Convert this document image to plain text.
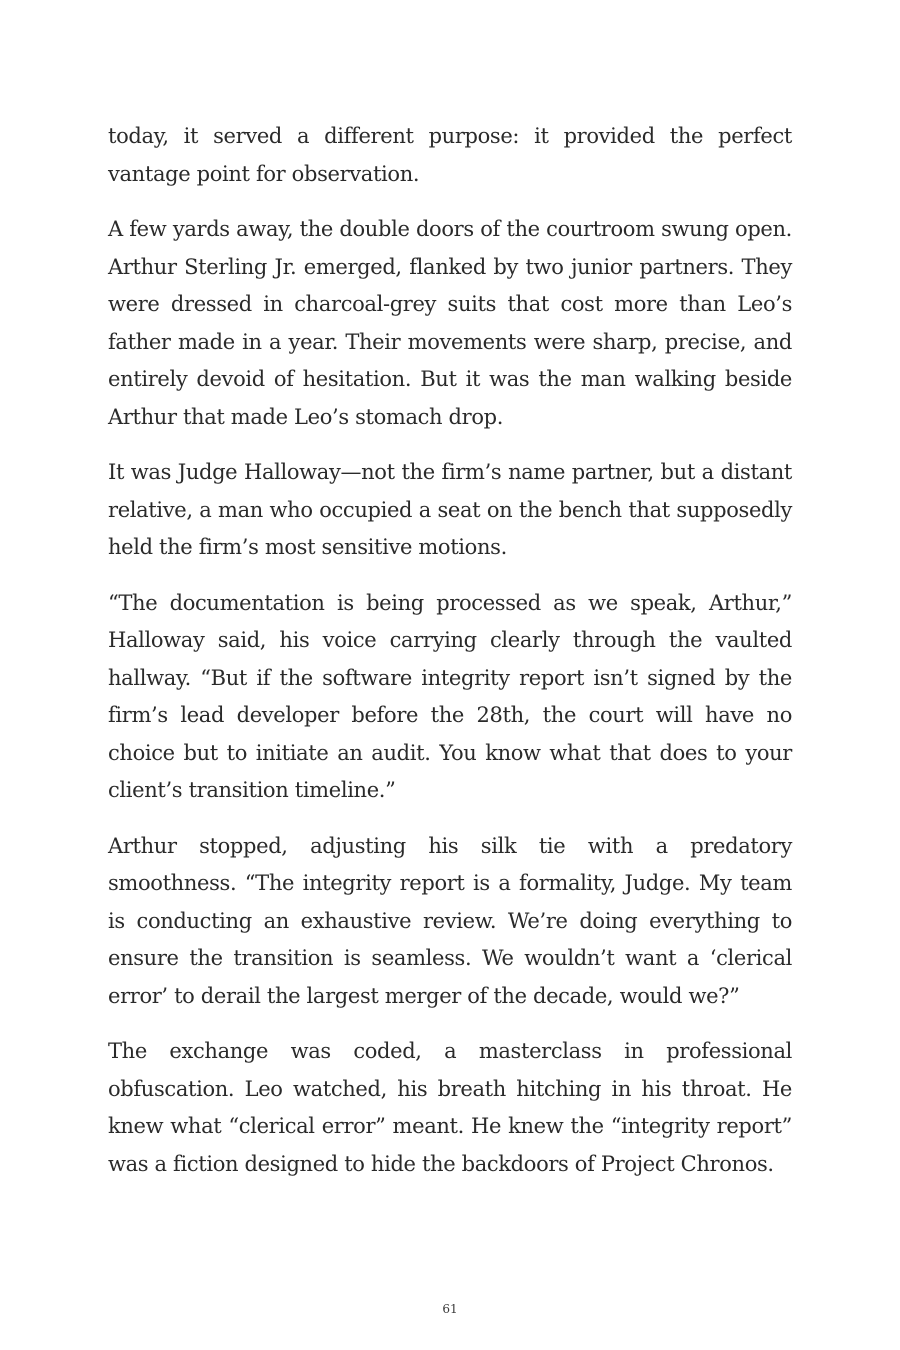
today, it served a different purpose: it provided the perfect vantage point for observation.

A few yards away, the double doors of the courtroom swung open. Arthur Sterling Jr. emerged, flanked by two junior partners. They were dressed in charcoal-grey suits that cost more than Leo’s father made in a year. Their movements were sharp, precise, and entirely devoid of hesitation. But it was the man walking beside Arthur that made Leo’s stomach drop.

It was Judge Halloway—not the firm’s name partner, but a distant relative, a man who occupied a seat on the bench that supposedly held the firm’s most sensitive motions.

“The documentation is being processed as we speak, Arthur,” Halloway said, his voice carrying clearly through the vaulted hallway. “But if the software integrity report isn’t signed by the firm’s lead developer before the 28th, the court will have no choice but to initiate an audit. You know what that does to your client’s transition timeline.”

Arthur stopped, adjusting his silk tie with a predatory smoothness. “The integrity report is a formality, Judge. My team is conducting an exhaustive review. We’re doing everything to ensure the transition is seamless. We wouldn’t want a ‘clerical error’ to derail the largest merger of the decade, would we?”

The exchange was coded, a masterclass in professional obfuscation. Leo watched, his breath hitching in his throat. He knew what “clerical error” meant. He knew the “integrity report” was a fiction designed to hide the backdoors of Project Chronos.

61
